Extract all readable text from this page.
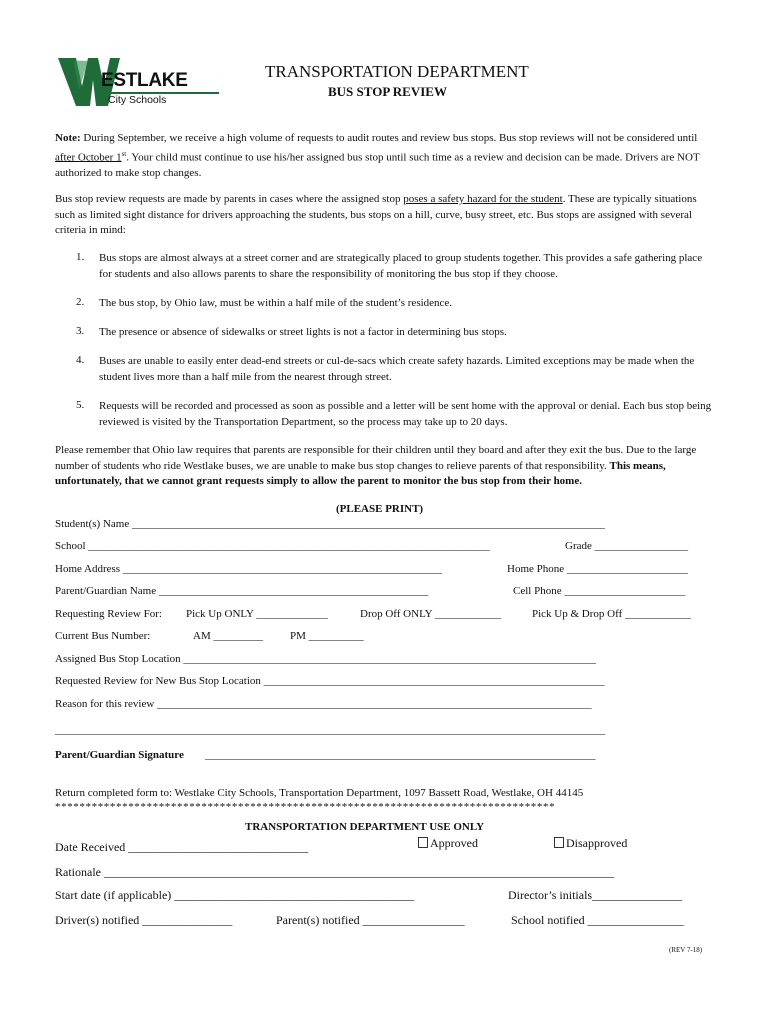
ESTLAKE
City Schools
TRANSPORTATION DEPARTMENT
BUS STOP REVIEW
Note: During September, we receive a high volume of requests to audit routes and review bus stops. Bus stop reviews will not be considered until after October 1st. Your child must continue to use his/her assigned bus stop until such time as a review and decision can be made. Drivers are NOT authorized to make stop changes.
Bus stop review requests are made by parents in cases where the assigned stop poses a safety hazard for the student. These are typically situations such as limited sight distance for drivers approaching the students, bus stops on a hill, curve, busy street, etc. Bus stops are assigned with several criteria in mind:
1. Bus stops are almost always at a street corner and are strategically placed to group students together. This provides a safe gathering place for students and also allows parents to share the responsibility of monitoring the bus stop if they choose.
2. The bus stop, by Ohio law, must be within a half mile of the student’s residence.
3. The presence or absence of sidewalks or street lights is not a factor in determining bus stops.
4. Buses are unable to easily enter dead-end streets or cul-de-sacs which create safety hazards. Limited exceptions may be made when the student lives more than a half mile from the nearest through street.
5. Requests will be recorded and processed as soon as possible and a letter will be sent home with the approval or denial. Each bus stop being reviewed is visited by the Transportation Department, so the process may take up to 20 days.
Please remember that Ohio law requires that parents are responsible for their children until they board and after they exit the bus. Due to the large number of students who ride Westlake buses, we are unable to make bus stop changes to relieve parents of that responsibility. This means, unfortunately, that we cannot grant requests simply to allow the parent to monitor the bus stop from their home.
(PLEASE PRINT)
Student(s) Name ______________________________________________________________________________________
School _________________________________________________________________________	Grade _________________
Home Address __________________________________________________________	Home Phone ______________________
Parent/Guardian Name _________________________________________________	Cell Phone ______________________
Requesting Review For: Pick Up ONLY _____________	Drop Off ONLY ____________	Pick Up & Drop Off ____________
Current Bus Number:	AM _________ PM __________
Assigned Bus Stop Location ___________________________________________________________________________
Requested Review for New Bus Stop Location ______________________________________________________________
Reason for this review _______________________________________________________________________________
____________________________________________________________________________________________________
Parent/Guardian Signature _______________________________________________________________________
Return completed form to: Westlake City Schools, Transportation Department, 1097 Bassett Road, Westlake, OH 44145
**********************************************************************************
TRANSPORTATION DEPARTMENT USE ONLY
Date Received ______________________________	Approved	Disapproved
Rationale _____________________________________________________________________________________
Start date (if applicable) ________________________________________	Director’s initials_______________
Driver(s) notified _______________	Parent(s) notified _________________	School notified ________________
(REV 7-18)
